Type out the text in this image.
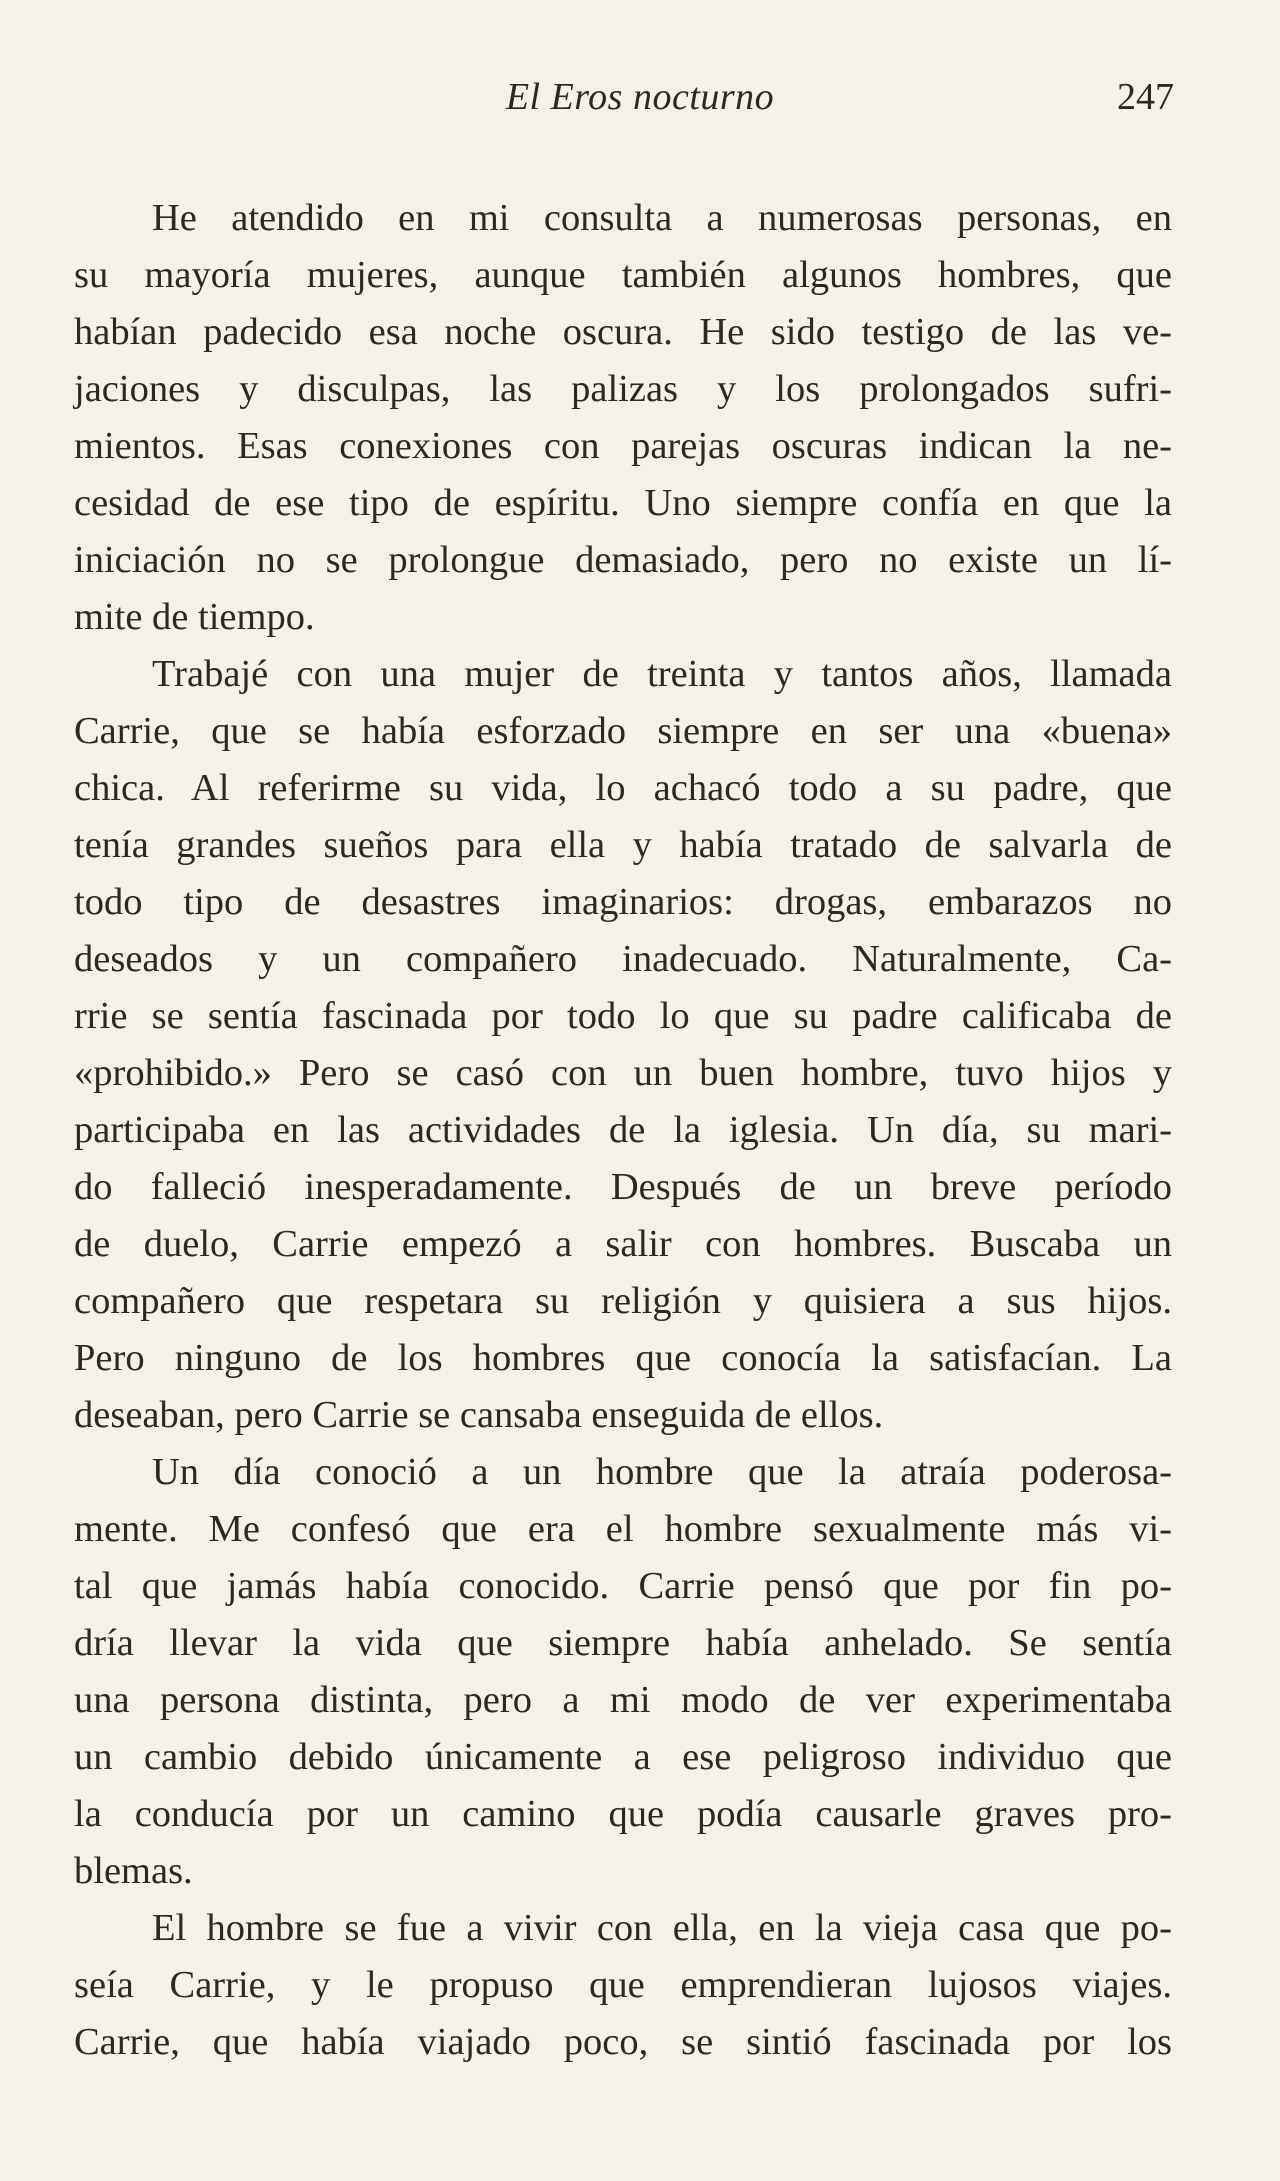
El Eros nocturno	247

He atendido en mi consulta a numerosas personas, en
su mayoría mujeres, aunque también algunos hombres, que
habían padecido esa noche oscura. He sido testigo de las ve-
jaciones y disculpas, las palizas y los prolongados sufri-
mientos. Esas conexiones con parejas oscuras indican la ne-
cesidad de ese tipo de espíritu. Uno siempre confía en que la
iniciación no se prolongue demasiado, pero no existe un lí-
mite de tiempo.

Trabajé con una mujer de treinta y tantos años, llamada
Carrie, que se había esforzado siempre en ser una «buena»
chica. Al referirme su vida, lo achacó todo a su padre, que
tenía grandes sueños para ella y había tratado de salvarla de
todo tipo de desastres imaginarios: drogas, embarazos no
deseados y un compañero inadecuado. Naturalmente, Ca-
rrie se sentía fascinada por todo lo que su padre calificaba de
«prohibido.» Pero se casó con un buen hombre, tuvo hijos y
participaba en las actividades de la iglesia. Un día, su mari-
do falleció inesperadamente. Después de un breve período
de duelo, Carrie empezó a salir con hombres. Buscaba un
compañero que respetara su religión y quisiera a sus hijos.
Pero ninguno de los hombres que conocía la satisfacían. La
deseaban, pero Carrie se cansaba enseguida de ellos.

Un día conoció a un hombre que la atraía poderosa-
mente. Me confesó que era el hombre sexualmente más vi-
tal que jamás había conocido. Carrie pensó que por fin po-
dría llevar la vida que siempre había anhelado. Se sentía
una persona distinta, pero a mi modo de ver experimentaba
un cambio debido únicamente a ese peligroso individuo que
la conducía por un camino que podía causarle graves pro-
blemas.

El hombre se fue a vivir con ella, en la vieja casa que po-
seía Carrie, y le propuso que emprendieran lujosos viajes.
Carrie, que había viajado poco, se sintió fascinada por los
